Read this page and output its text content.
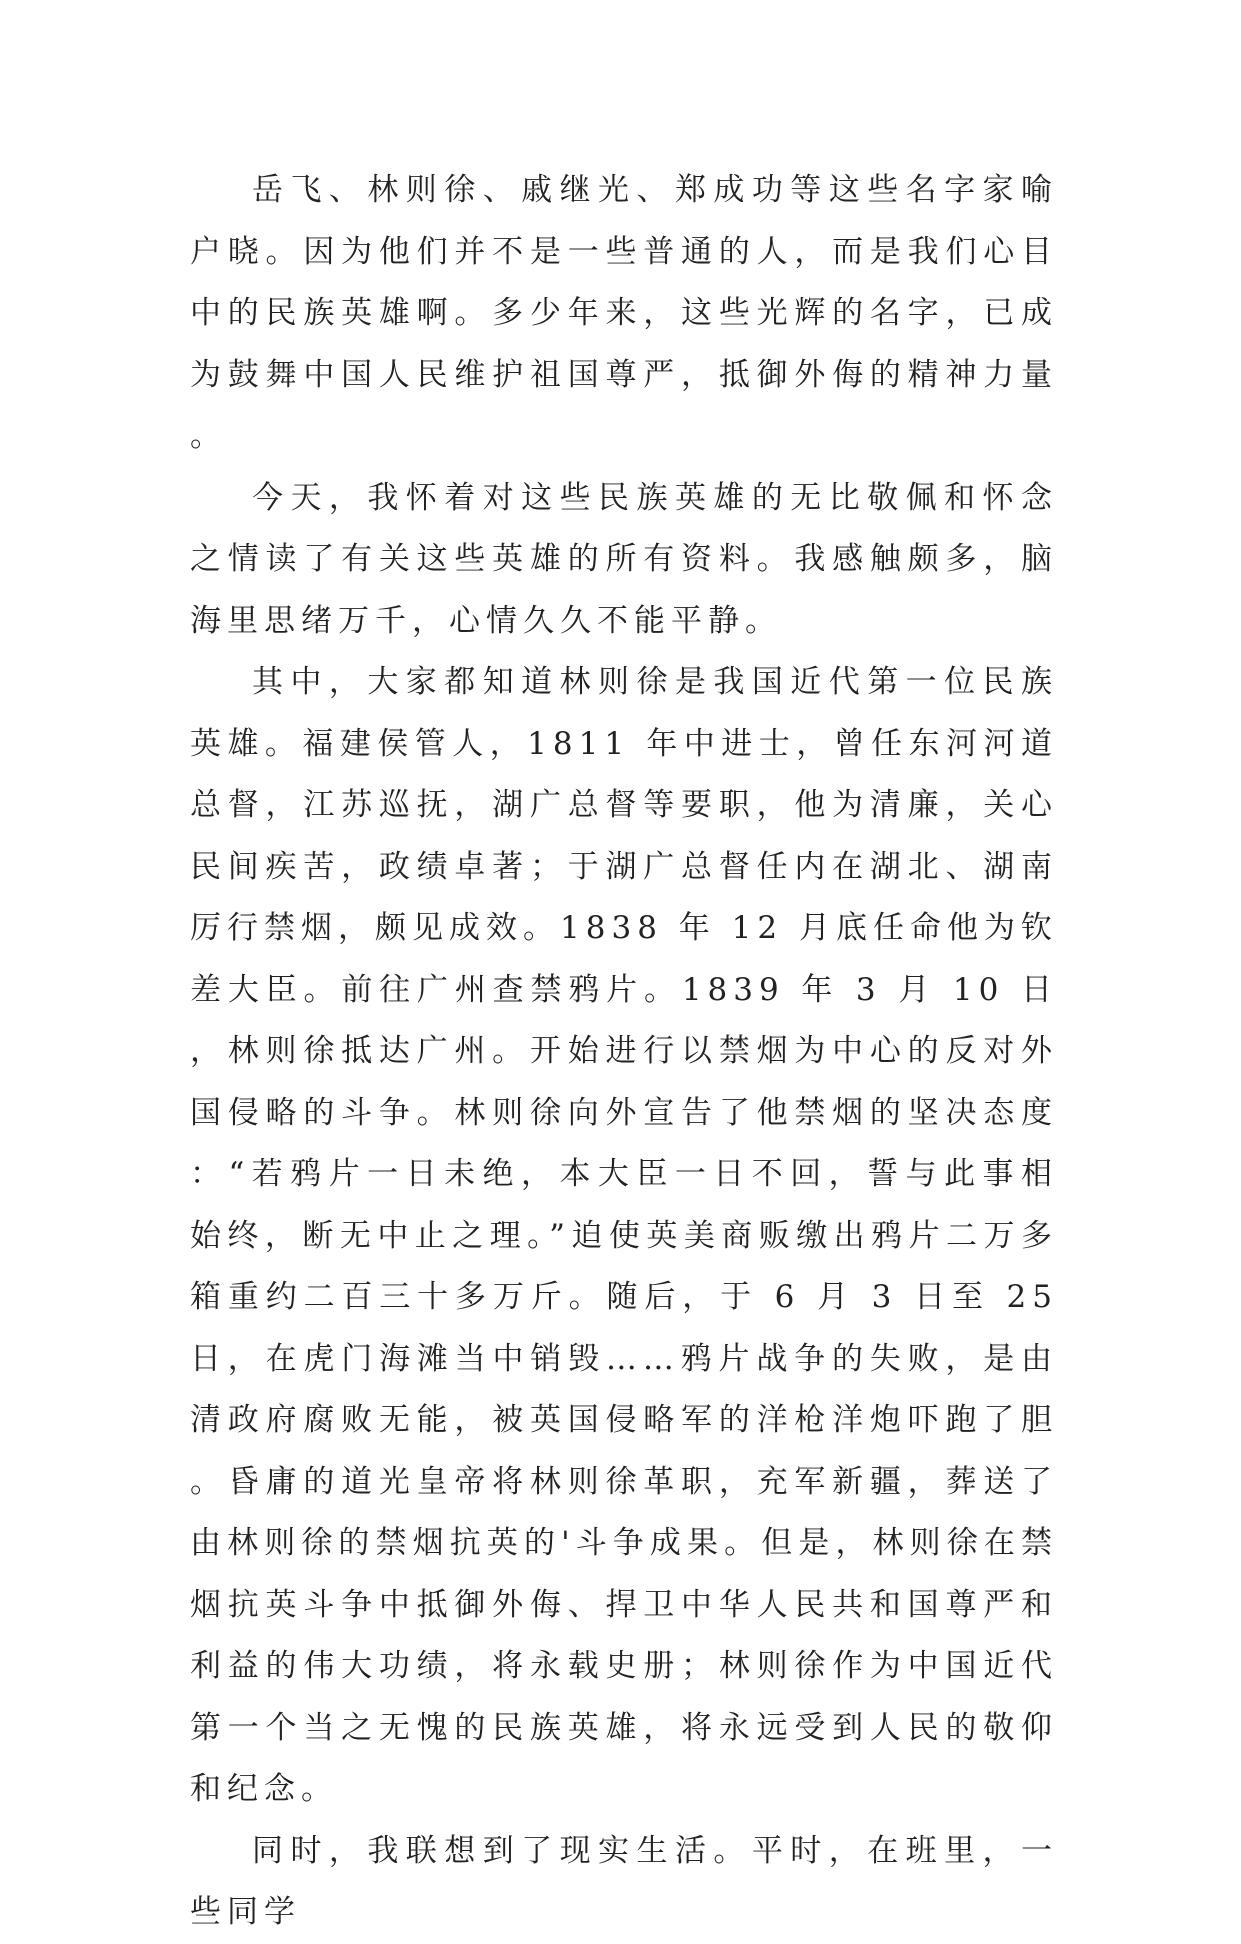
岳飞、林则徐、戚继光、郑成功等这些名字家喻户晓。因为他们并不是一些普通的人，而是我们心目中的民族英雄啊。多少年来，这些光辉的名字，已成为鼓舞中国人民维护祖国尊严，抵御外侮的精神力量。

今天，我怀着对这些民族英雄的无比敬佩和怀念之情读了有关这些英雄的所有资料。我感触颇多，脑海里思绪万千，心情久久不能平静。

其中，大家都知道林则徐是我国近代第一位民族英雄。福建侯管人，1811 年中进士，曾任东河河道总督，江苏巡抚，湖广总督等要职，他为清廉，关心民间疾苦，政绩卓著；于湖广总督任内在湖北、湖南厉行禁烟，颇见成效。1838 年 12 月底任命他为钦差大臣。前往广州查禁鸦片。1839 年 3 月 10 日，林则徐抵达广州。开始进行以禁烟为中心的反对外国侵略的斗争。林则徐向外宣告了他禁烟的坚决态度：“若鸦片一日未绝，本大臣一日不回，誓与此事相始终，断无中止之理。”迫使英美商贩缴出鸦片二万多箱重约二百三十多万斤。随后，于 6 月 3 日至 25 日，在虎门海滩当中销毁……鸦片战争的失败，是由清政府腐败无能，被英国侵略军的洋枪洋炮吓跑了胆。昏庸的道光皇帝将林则徐革职，充军新疆，葬送了由林则徐的禁烟抗英的'斗争成果。但是，林则徐在禁烟抗英斗争中抵御外侮、捍卫中华人民共和国尊严和利益的伟大功绩，将永载史册；林则徐作为中国近代第一个当之无愧的民族英雄，将永远受到人民的敬仰和纪念。

同时，我联想到了现实生活。平时，在班里，一些同学
